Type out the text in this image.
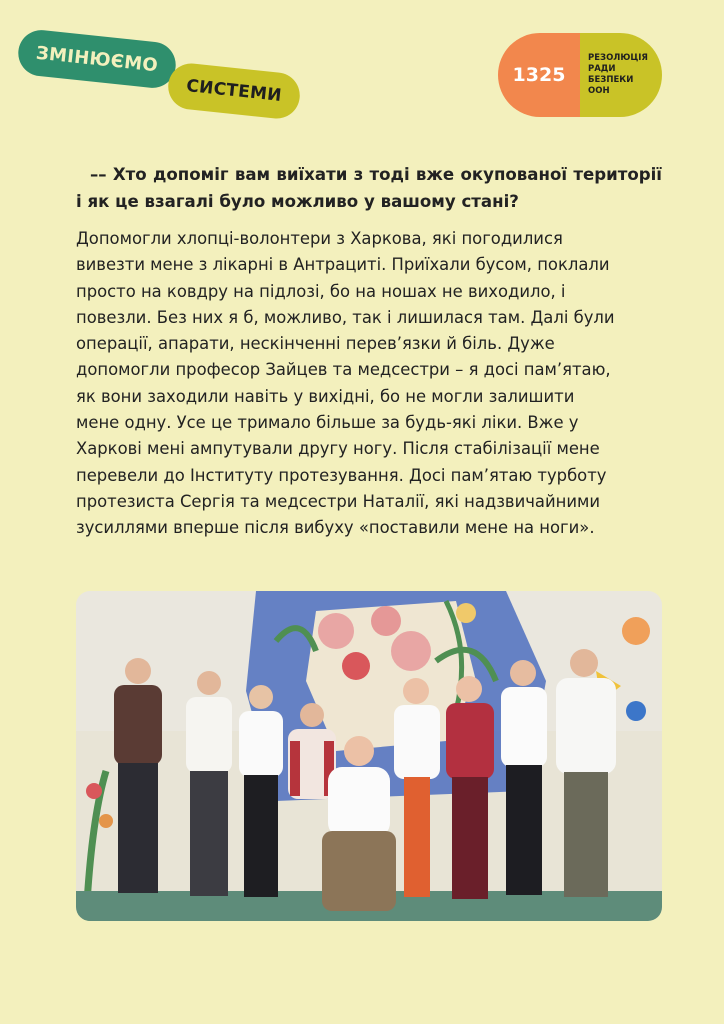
ЗМІНЮЄМО
СИСТЕМИ
1325
РЕЗОЛЮЦІЯ
РАДИ
БЕЗПЕКИ
ООН

–– Хто допоміг вам виїхати з тоді вже окупованої території і як це взагалі було можливо у вашому стані?

Допомогли хлопці-волонтери з Харкова, які погодилися
вивезти мене з лікарні в Антрациті. Приїхали бусом, поклали
просто на ковдру на підлозі, бо на ношах не виходило, і
повезли. Без них я б, можливо, так і лишилася там. Далі були
операції, апарати, нескінченні перев’язки й біль. Дуже
допомогли професор Зайцев та медсестри – я досі пам’ятаю,
як вони заходили навіть у вихідні, бо не могли залишити
мене одну. Усе це тримало більше за будь-які ліки. Вже у
Харкові мені ампутували другу ногу. Після стабілізації мене
перевели до Інституту протезування. Досі пам’ятаю турботу
протезиста Сергія та медсестри Наталії, які надзвичайними
зусиллями вперше після вибуху «поставили мене на ноги».
